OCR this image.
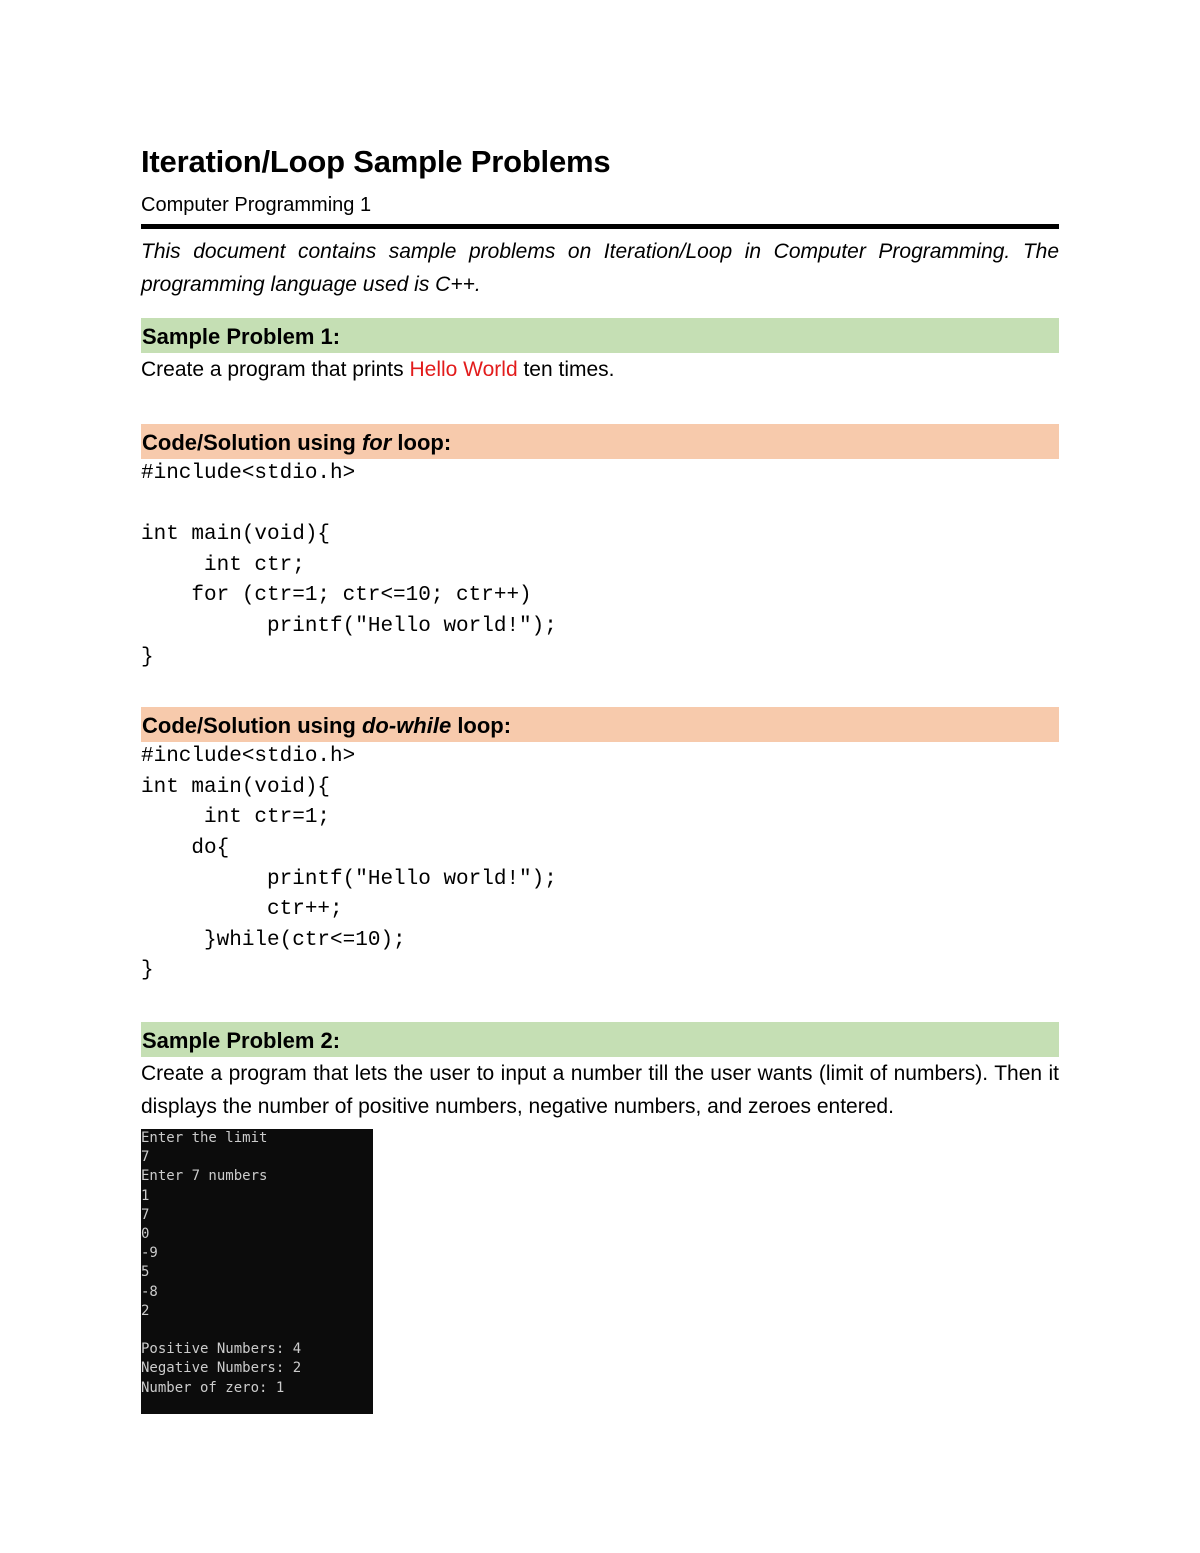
Iteration/Loop Sample Problems
Computer Programming 1
This document contains sample problems on Iteration/Loop in Computer Programming. The programming language used is C++.
Sample Problem 1:
Create a program that prints Hello World ten times.
Code/Solution using for loop:
#include<stdio.h>

int main(void){
int ctr;
for (ctr=1; ctr<=10; ctr++)
printf("Hello world!");
}
Code/Solution using do-while loop:
#include<stdio.h>
int main(void){
int ctr=1;
do{
printf("Hello world!");
ctr++;
}while(ctr<=10);
}
Sample Problem 2:
Create a program that lets the user to input a number till the user wants (limit of numbers). Then it displays the number of positive numbers, negative numbers, and zeroes entered.
Enter the limit
7
Enter 7 numbers
1
7
0
-9
5
-8
2

Positive Numbers: 4
Negative Numbers: 2
Number of zero: 1
